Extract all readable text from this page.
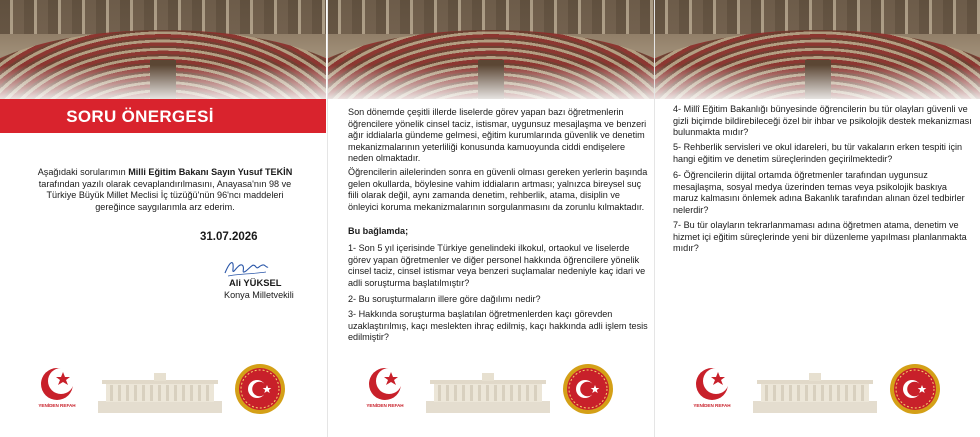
SORU ÖNERGESİ
Aşağıdaki sorularımın Milli Eğitim Bakanı Sayın Yusuf TEKİN tarafından yazılı olarak cevaplandırılmasını, Anayasa'nın 98 ve Türkiye Büyük Millet Meclisi İç tüzüğü'nün 96'ncı maddeleri gereğince saygılarımla arz ederim.
31.07.2026
Ali YÜKSEL
Konya Milletvekili
YENİDEN REFAH
Son dönemde çeşitli illerde liselerde görev yapan bazı öğretmenlerin öğrencilere yönelik cinsel taciz, istismar, uygunsuz mesajlaşma ve benzeri ağır iddialarla gündeme gelmesi, eğitim kurumlarında güvenlik ve denetim mekanizmalarının yeterliliği konusunda kamuoyunda ciddi endişelere neden olmaktadır.
Öğrencilerin ailelerinden sonra en güvenli olması gereken yerlerin başında gelen okullarda, böylesine vahim iddiaların artması; yalnızca bireysel suç fiili olarak değil, aynı zamanda denetim, rehberlik, atama, disiplin ve önleyici koruma mekanizmalarının sorgulanmasını da zorunlu kılmaktadır.
Bu bağlamda;
1- Son 5 yıl içerisinde Türkiye genelindeki ilkokul, ortaokul ve liselerde görev yapan öğretmenler ve diğer personel hakkında öğrencilere yönelik cinsel taciz, cinsel istismar veya benzeri suçlamalar nedeniyle kaç idari ve adli soruşturma başlatılmıştır?
2- Bu soruşturmaların illere göre dağılımı nedir?
3- Hakkında soruşturma başlatılan öğretmenlerden kaçı görevden uzaklaştırılmış, kaçı meslekten ihraç edilmiş, kaçı hakkında adli işlem tesis edilmiştir?
YENİDEN REFAH
4- Millî Eğitim Bakanlığı bünyesinde öğrencilerin bu tür olayları güvenli ve gizli biçimde bildirebileceği özel bir ihbar ve psikolojik destek mekanizması bulunmakta mıdır?
5- Rehberlik servisleri ve okul idareleri, bu tür vakaların erken tespiti için hangi eğitim ve denetim süreçlerinden geçirilmektedir?
6- Öğrencilerin dijital ortamda öğretmenler tarafından uygunsuz mesajlaşma, sosyal medya üzerinden temas veya psikolojik baskıya maruz kalmasını önlemek adına Bakanlık tarafından alınan özel tedbirler nelerdir?
7- Bu tür olayların tekrarlanmaması adına öğretmen atama, denetim ve hizmet içi eğitim süreçlerinde yeni bir düzenleme yapılması planlanmakta mıdır?
YENİDEN REFAH
